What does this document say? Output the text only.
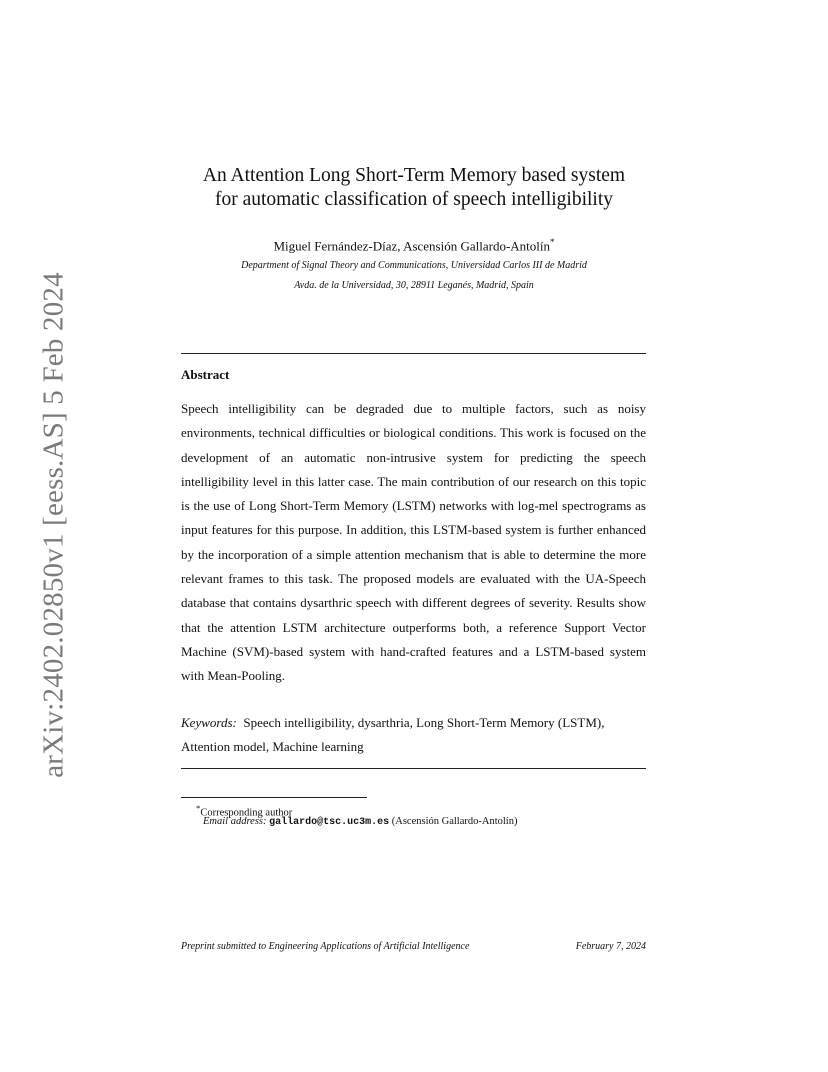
arXiv:2402.02850v1 [eess.AS] 5 Feb 2024
An Attention Long Short-Term Memory based system
for automatic classification of speech intelligibility
Miguel Fernández-Díaz, Ascensión Gallardo-Antolín*
Department of Signal Theory and Communications, Universidad Carlos III de Madrid
Avda. de la Universidad, 30, 28911 Leganés, Madrid, Spain
Abstract

Speech intelligibility can be degraded due to multiple factors, such as noisy environments, technical difficulties or biological conditions. This work is focused on the development of an automatic non-intrusive system for predicting the speech intelligibility level in this latter case. The main contribution of our research on this topic is the use of Long Short-Term Memory (LSTM) networks with log-mel spectrograms as input features for this purpose. In addition, this LSTM-based system is further enhanced by the incorporation of a simple attention mechanism that is able to determine the more relevant frames to this task. The proposed models are evaluated with the UA-Speech database that contains dysarthric speech with different degrees of severity. Results show that the attention LSTM architecture outperforms both, a reference Support Vector Machine (SVM)-based system with hand-crafted features and a LSTM-based system with Mean-Pooling.

Keywords: Speech intelligibility, dysarthria, Long Short-Term Memory (LSTM), Attention model, Machine learning

*Corresponding author
Email address: gallardo@tsc.uc3m.es (Ascensión Gallardo-Antolín)
Preprint submitted to Engineering Applications of Artificial Intelligence	February 7, 2024
